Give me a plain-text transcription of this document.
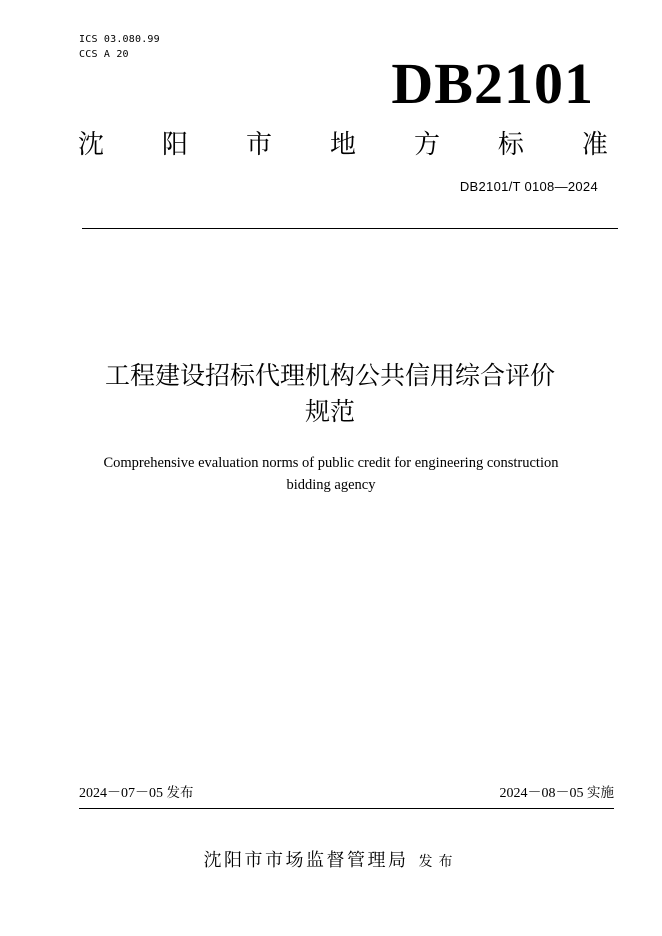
ICS 03.080.99
CCS A 20	DB2101
沈 阳 市 地 方 标 准
DB2101/T 0108—2024
工程建设招标代理机构公共信用综合评价
规范
Comprehensive evaluation norms of public credit for engineering construction
bidding agency
2024－07－05 发布	2024－08－05 实施
沈阳市市场监督管理局 发布
